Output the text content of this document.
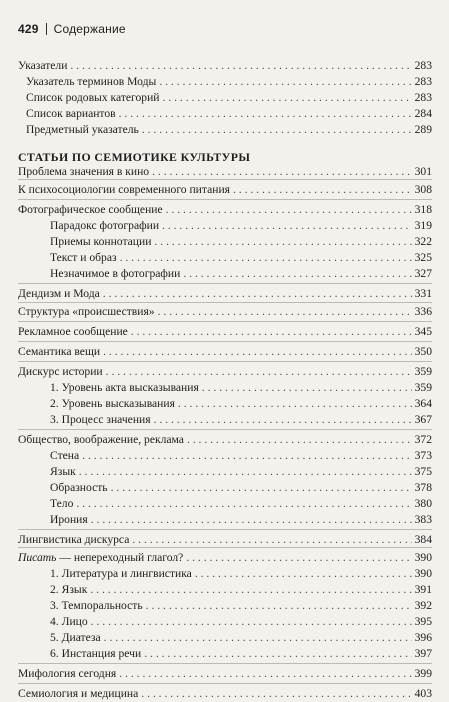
429 Содержание
СТАТЬИ ПО СЕМИОТИКЕ КУЛЬТУРЫ
Указатели . . .	283
Указатель терминов Моды . . .	283
Список родовых категорий . . .	283
Список вариантов . . .	284
Предметный указатель . . .	289
Проблема значения в кино . . .	301
К психосоциологии современного питания . . .	308
Фотографическое сообщение . . .	318
Парадокс фотографии . . .	319
Приемы коннотации . . .	322
Текст и образ . . .	325
Незначимое в фотографии . . .	327
Дендизм и Мода . . .	331
Структура «происшествия» . . .	336
Рекламное сообщение . . .	345
Семантика вещи . . .	350
Дискурс истории . . .	359
1. Уровень акта высказывания . . .	359
2. Уровень высказывания . . .	364
3. Процесс значения . . .	367
Общество, воображение, реклама . . .	372
Стена . . .	373
Язык . . .	375
Образность . . .	378
Тело . . .	380
Ирония . . .	383
Лингвистика дискурса . . .	384
Писать — непереходный глагол? . . .	390
1. Литература и лингвистика . . .	390
2. Язык . . .	391
3. Темпоральность . . .	392
4. Лицо . . .	395
5. Диатеза . . .	396
6. Инстанция речи . . .	397
Мифология сегодня . . .	399
Семиология и медицина . . .	403
